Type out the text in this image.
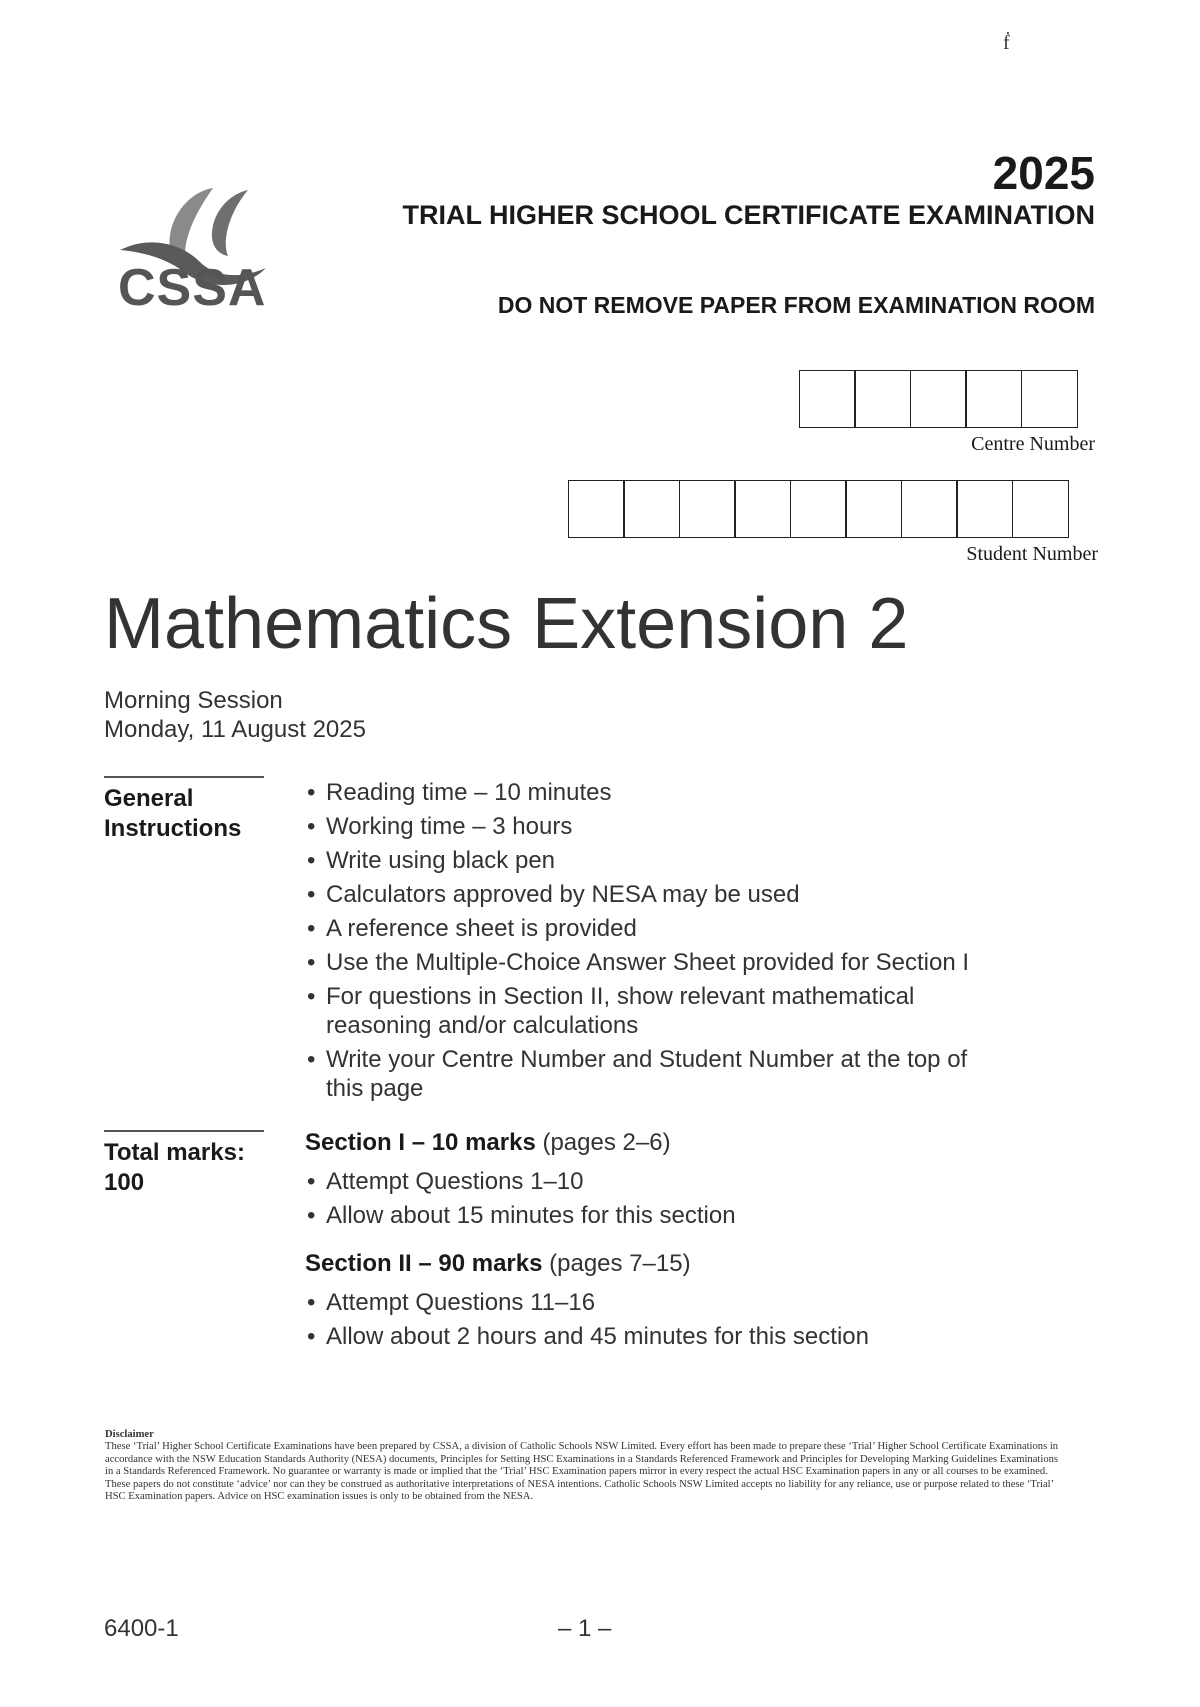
ḟ
CSSA
2025
TRIAL HIGHER SCHOOL CERTIFICATE EXAMINATION
DO NOT REMOVE PAPER FROM EXAMINATION ROOM
Centre Number
Student Number
Mathematics Extension 2
Morning Session
Monday, 11 August 2025
General
Instructions
• Reading time – 10 minutes
• Working time – 3 hours
• Write using black pen
• Calculators approved by NESA may be used
• A reference sheet is provided
• Use the Multiple-Choice Answer Sheet provided for Section I
• For questions in Section II, show relevant mathematical reasoning and/or calculations
• Write your Centre Number and Student Number at the top of this page
Total marks:
100
Section I – 10 marks (pages 2–6)
• Attempt Questions 1–10
• Allow about 15 minutes for this section
Section II – 90 marks (pages 7–15)
• Attempt Questions 11–16
• Allow about 2 hours and 45 minutes for this section
Disclaimer
These ‘Trial’ Higher School Certificate Examinations have been prepared by CSSA, a division of Catholic Schools NSW Limited. Every effort has been made to prepare these ‘Trial’ Higher School Certificate Examinations in accordance with the NSW Education Standards Authority (NESA) documents, Principles for Setting HSC Examinations in a Standards Referenced Framework and Principles for Developing Marking Guidelines Examinations in a Standards Referenced Framework. No guarantee or warranty is made or implied that the ‘Trial’ HSC Examination papers mirror in every respect the actual HSC Examination papers in any or all courses to be examined. These papers do not constitute ‘advice’ nor can they be construed as authoritative interpretations of NESA intentions. Catholic Schools NSW Limited accepts no liability for any reliance, use or purpose related to these ‘Trial’ HSC Examination papers. Advice on HSC examination issues is only to be obtained from the NESA.
6400-1	– 1 –
